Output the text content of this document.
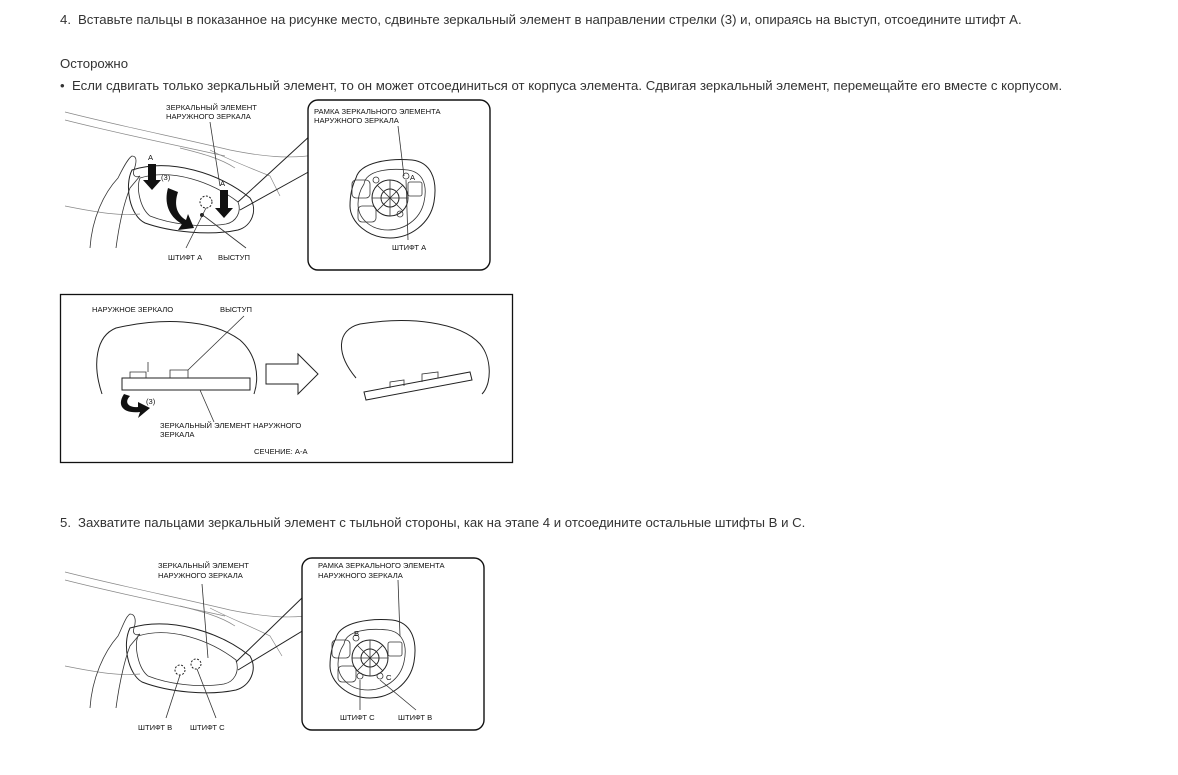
4. Вставьте пальцы в показанное на рисунке место, сдвиньте зеркальный элемент в направлении стрелки (3) и, опираясь на выступ, отсоедините штифт A.
Осторожно
• Если сдвигать только зеркальный элемент, то он может отсоединиться от корпуса элемента. Сдвигая зеркальный элемент, перемещайте его вместе с корпусом.
ЗЕРКАЛЬНЫЙ ЭЛЕМЕНТ
НАРУЖНОГО ЗЕРКАЛА
A
A
(3)
ШТИФТ A ВЫСТУП
РАМКА ЗЕРКАЛЬНОГО ЭЛЕМЕНТА
НАРУЖНОГО ЗЕРКАЛА
A
ШТИФТ A
НАРУЖНОЕ ЗЕРКАЛО	ВЫСТУП
(3)
ЗЕРКАЛЬНЫЙ ЭЛЕМЕНТ НАРУЖНОГО
ЗЕРКАЛА
СЕЧЕНИЕ: A-A
5. Захватите пальцами зеркальный элемент с тыльной стороны, как на этапе 4 и отсоедините остальные штифты B и C.
ЗЕРКАЛЬНЫЙ ЭЛЕМЕНТ
НАРУЖНОГО ЗЕРКАЛА
ШТИФТ B ШТИФТ C
РАМКА ЗЕРКАЛЬНОГО ЭЛЕМЕНТА
НАРУЖНОГО ЗЕРКАЛА
B
C
ШТИФТ C	ШТИФТ B
